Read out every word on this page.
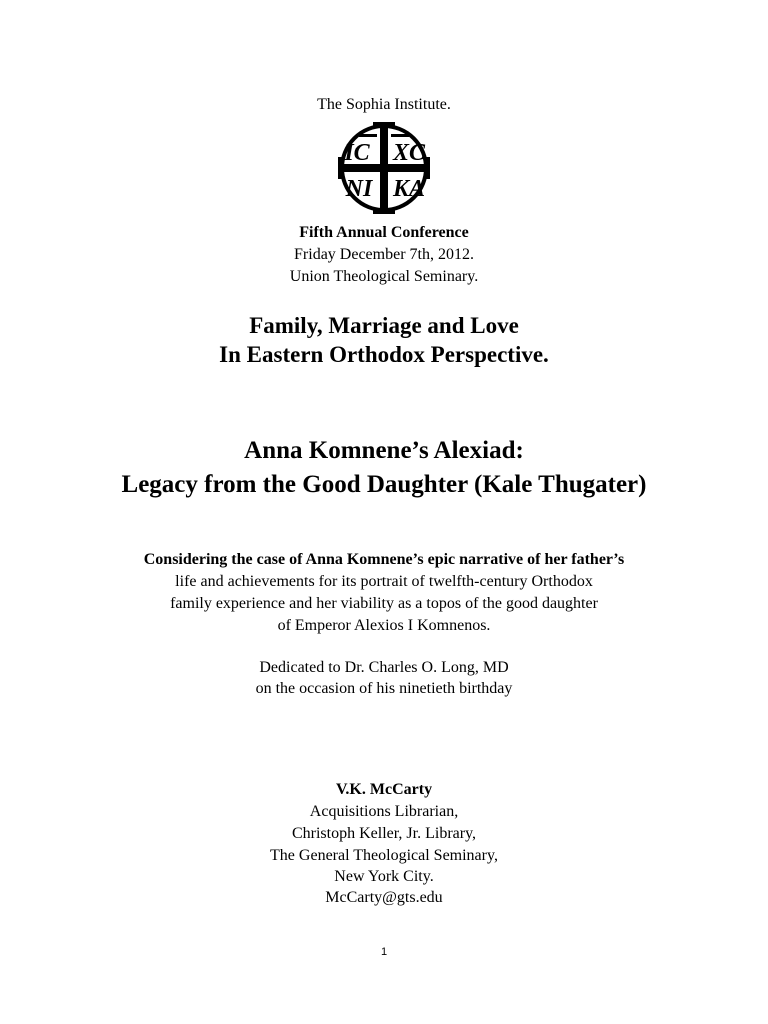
The Sophia Institute.
IC XC
NI KA
Fifth Annual Conference
Friday December 7th, 2012.
Union Theological Seminary.
Family, Marriage and Love
In Eastern Orthodox Perspective.
Anna Komnene’s Alexiad:
Legacy from the Good Daughter (Kale Thugater)
Considering the case of Anna Komnene’s epic narrative of her father’s
life and achievements for its portrait of twelfth-century Orthodox
family experience and her viability as a topos of the good daughter
of Emperor Alexios I Komnenos.
Dedicated to Dr. Charles O. Long, MD
on the occasion of his ninetieth birthday
V.K. McCarty
Acquisitions Librarian,
Christoph Keller, Jr. Library,
The General Theological Seminary,
New York City.
McCarty@gts.edu
1
